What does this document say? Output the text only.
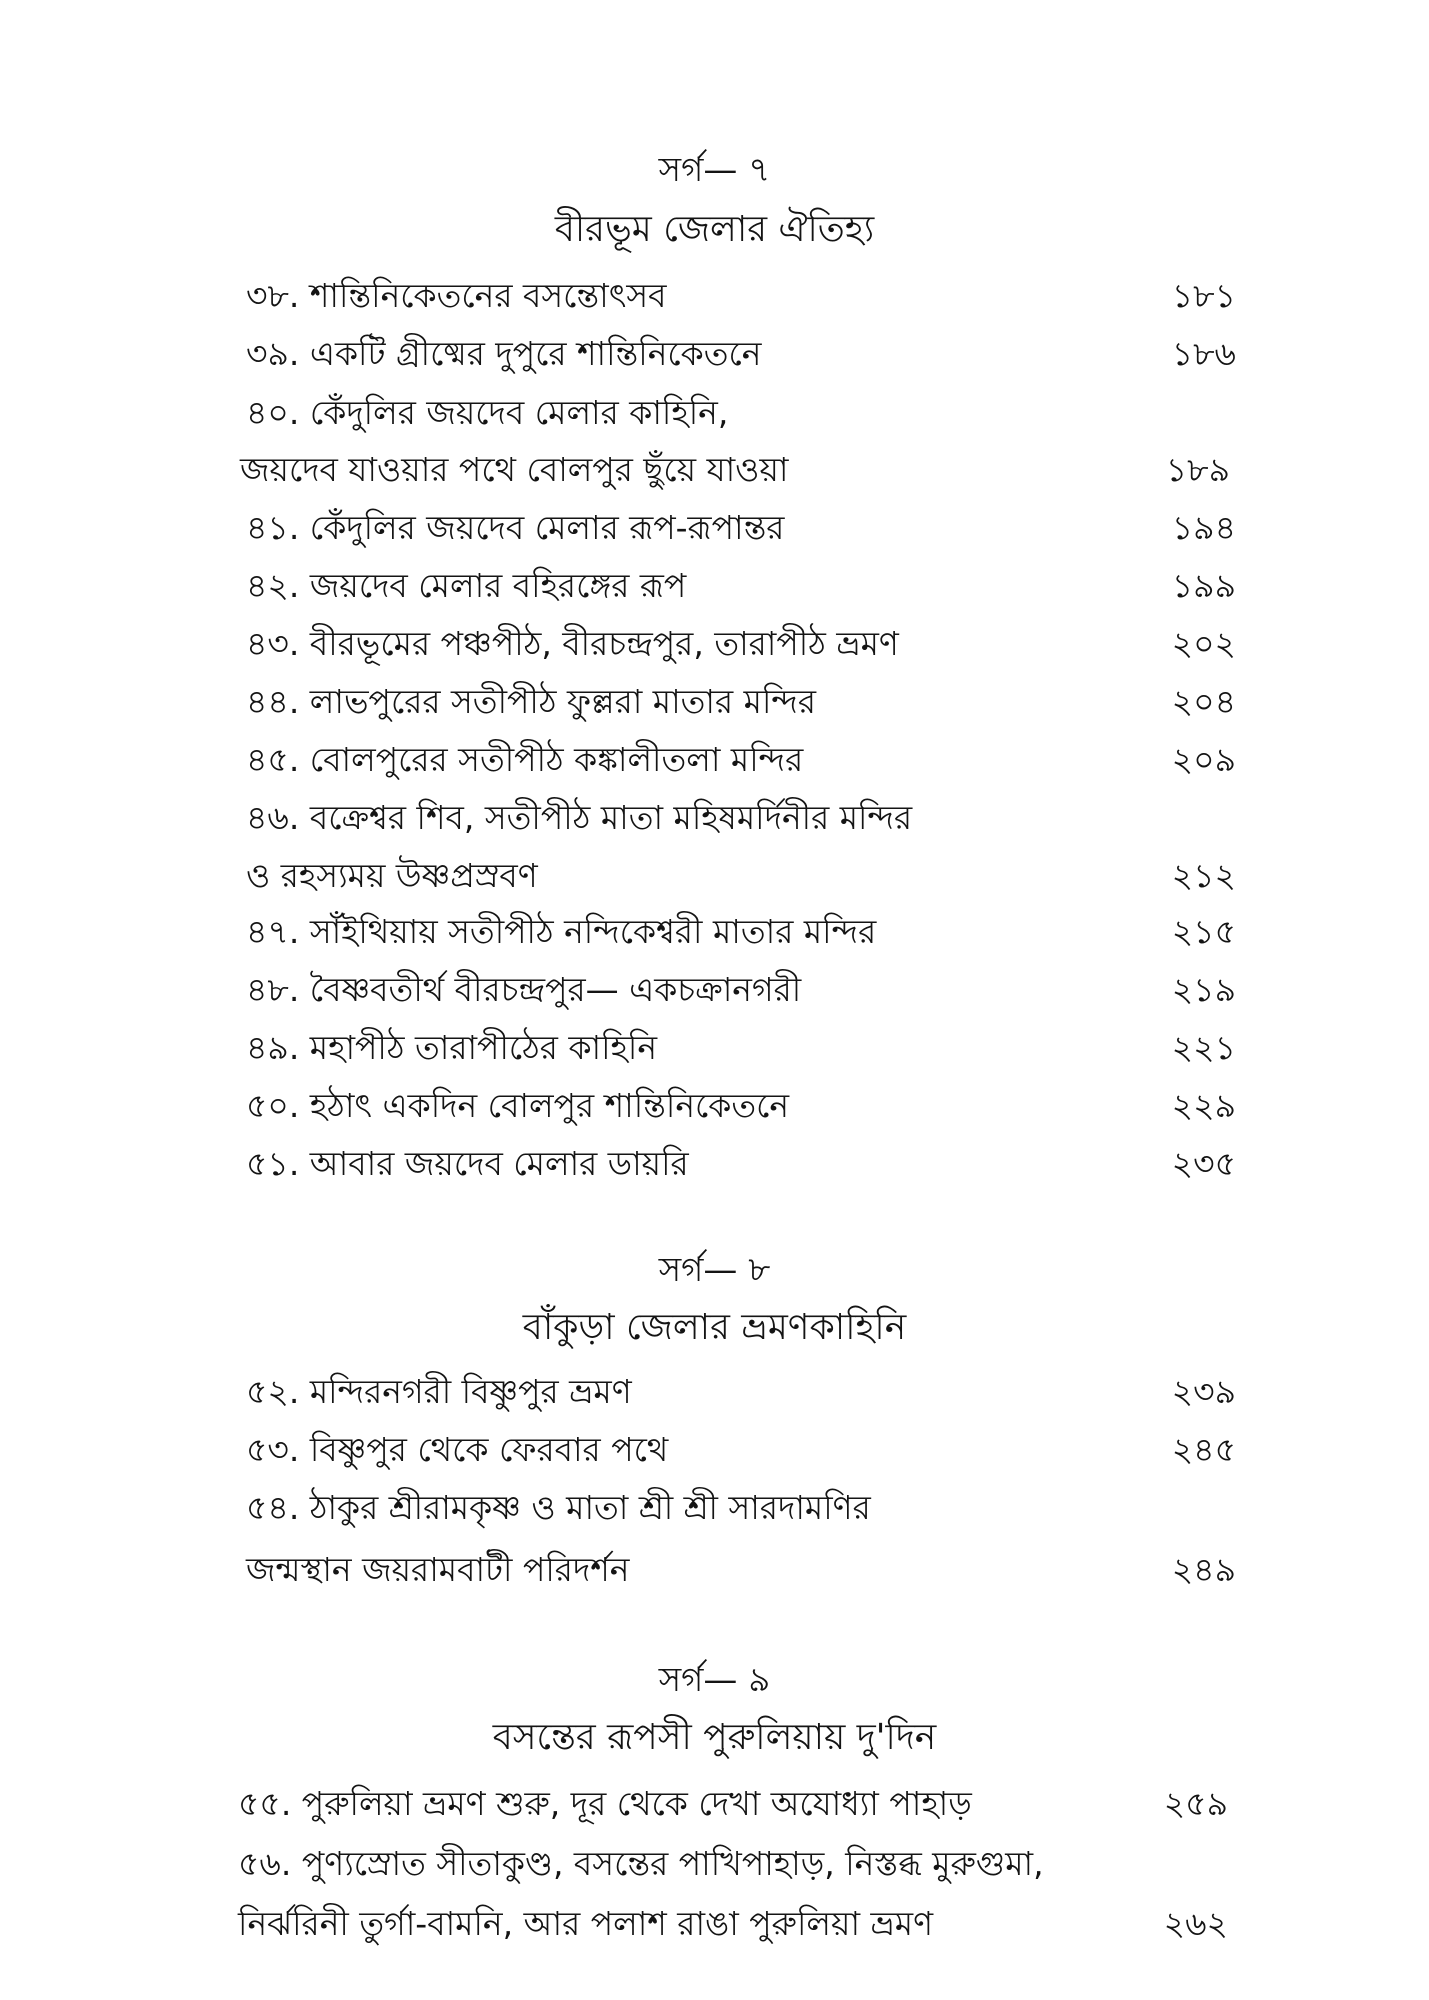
সর্গ— ৭
বীরভূম জেলার ঐতিহ্য
৩৮. শান্তিনিকেতনের বসন্তোৎসব	১৮১
৩৯. একটি গ্রীষ্মের দুপুরে শান্তিনিকেতনে	১৮৬
৪০. কেঁদুলির জয়দেব মেলার কাহিনি,
জয়দেব যাওয়ার পথে বোলপুর ছুঁয়ে যাওয়া	১৮৯
৪১. কেঁদুলির জয়দেব মেলার রূপ-রূপান্তর	১৯৪
৪২. জয়দেব মেলার বহিরঙ্গের রূপ	১৯৯
৪৩. বীরভূমের পঞ্চপীঠ, বীরচন্দ্রপুর, তারাপীঠ ভ্রমণ	২০২
৪৪. লাভপুরের সতীপীঠ ফুল্লরা মাতার মন্দির	২০৪
৪৫. বোলপুরের সতীপীঠ কঙ্কালীতলা মন্দির	২০৯
৪৬. বক্রেশ্বর শিব, সতীপীঠ মাতা মহিষমর্দিনীর মন্দির
ও রহস্যময় উষ্ণপ্রস্রবণ	২১২
৪৭. সাঁইথিয়ায় সতীপীঠ নন্দিকেশ্বরী মাতার মন্দির	২১৫
৪৮. বৈষ্ণবতীর্থ বীরচন্দ্রপুর— একচক্রানগরী	২১৯
৪৯. মহাপীঠ তারাপীঠের কাহিনি	২২১
৫০. হঠাৎ একদিন বোলপুর শান্তিনিকেতনে	২২৯
৫১. আবার জয়দেব মেলার ডায়রি	২৩৫
সর্গ— ৮
বাঁকুড়া জেলার ভ্রমণকাহিনি
৫২. মন্দিরনগরী বিষ্ণুপুর ভ্রমণ	২৩৯
৫৩. বিষ্ণুপুর থেকে ফেরবার পথে	২৪৫
৫৪. ঠাকুর শ্রীরামকৃষ্ণ ও মাতা শ্রী শ্রী সারদামণির
জন্মস্থান জয়রামবাটী পরিদর্শন	২৪৯
সর্গ— ৯
বসন্তের রূপসী পুরুলিয়ায় দু'দিন
৫৫. পুরুলিয়া ভ্রমণ শুরু, দূর থেকে দেখা অযোধ্যা পাহাড়	২৫৯
৫৬. পুণ্যস্রোত সীতাকুণ্ড, বসন্তের পাখিপাহাড়, নিস্তব্ধ মুরুগুমা,
নির্ঝরিনী তুর্গা-বামনি, আর পলাশ রাঙা পুরুলিয়া ভ্রমণ	২৬২
